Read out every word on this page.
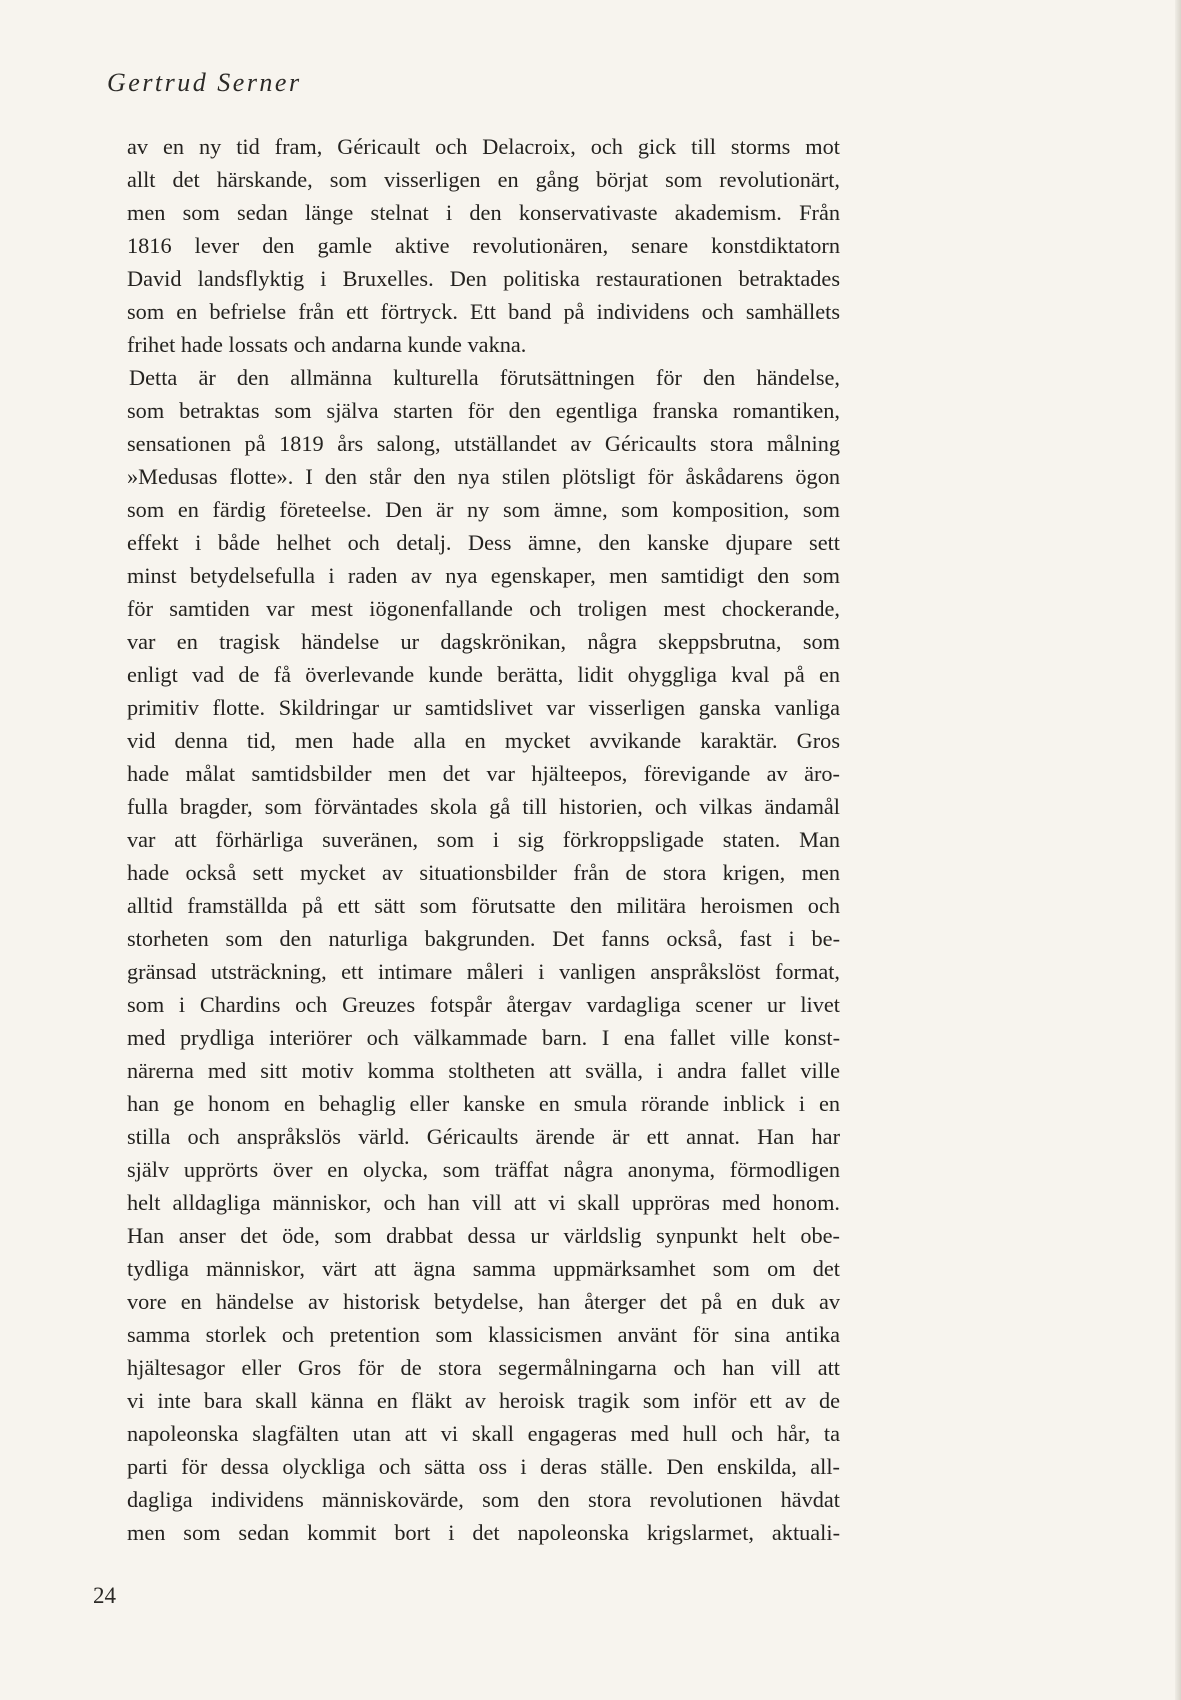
Gertrud Serner
av en ny tid fram, Géricault och Delacroix, och gick till storms mot
allt det härskande, som visserligen en gång börjat som revolutionärt,
men som sedan länge stelnat i den konservativaste akademism. Från
1816 lever den gamle aktive revolutionären, senare konstdiktatorn
David landsflyktig i Bruxelles. Den politiska restaurationen betraktades
som en befrielse från ett förtryck. Ett band på individens och samhällets
frihet hade lossats och andarna kunde vakna.
Detta är den allmänna kulturella förutsättningen för den händelse,
som betraktas som själva starten för den egentliga franska romantiken,
sensationen på 1819 års salong, utställandet av Géricaults stora målning
»Medusas flotte». I den står den nya stilen plötsligt för åskådarens ögon
som en färdig företeelse. Den är ny som ämne, som komposition, som
effekt i både helhet och detalj. Dess ämne, den kanske djupare sett
minst betydelsefulla i raden av nya egenskaper, men samtidigt den som
för samtiden var mest iögonenfallande och troligen mest chockerande,
var en tragisk händelse ur dagskrönikan, några skeppsbrutna, som
enligt vad de få överlevande kunde berätta, lidit ohyggliga kval på en
primitiv flotte. Skildringar ur samtidslivet var visserligen ganska vanliga
vid denna tid, men hade alla en mycket avvikande karaktär. Gros
hade målat samtidsbilder men det var hjälteepos, förevigande av äro-
fulla bragder, som förväntades skola gå till historien, och vilkas ändamål
var att förhärliga suveränen, som i sig förkroppsligade staten. Man
hade också sett mycket av situationsbilder från de stora krigen, men
alltid framställda på ett sätt som förutsatte den militära heroismen och
storheten som den naturliga bakgrunden. Det fanns också, fast i be-
gränsad utsträckning, ett intimare måleri i vanligen anspråkslöst format,
som i Chardins och Greuzes fotspår återgav vardagliga scener ur livet
med prydliga interiörer och välkammade barn. I ena fallet ville konst-
närerna med sitt motiv komma stoltheten att svälla, i andra fallet ville
han ge honom en behaglig eller kanske en smula rörande inblick i en
stilla och anspråkslös värld. Géricaults ärende är ett annat. Han har
själv upprörts över en olycka, som träffat några anonyma, förmodligen
helt alldagliga människor, och han vill att vi skall uppröras med honom.
Han anser det öde, som drabbat dessa ur världslig synpunkt helt obe-
tydliga människor, värt att ägna samma uppmärksamhet som om det
vore en händelse av historisk betydelse, han återger det på en duk av
samma storlek och pretention som klassicismen använt för sina antika
hjältesagor eller Gros för de stora segermålningarna och han vill att
vi inte bara skall känna en fläkt av heroisk tragik som inför ett av de
napoleonska slagfälten utan att vi skall engageras med hull och hår, ta
parti för dessa olyckliga och sätta oss i deras ställe. Den enskilda, all-
dagliga individens människovärde, som den stora revolutionen hävdat
men som sedan kommit bort i det napoleonska krigslarmet, aktuali-
24
